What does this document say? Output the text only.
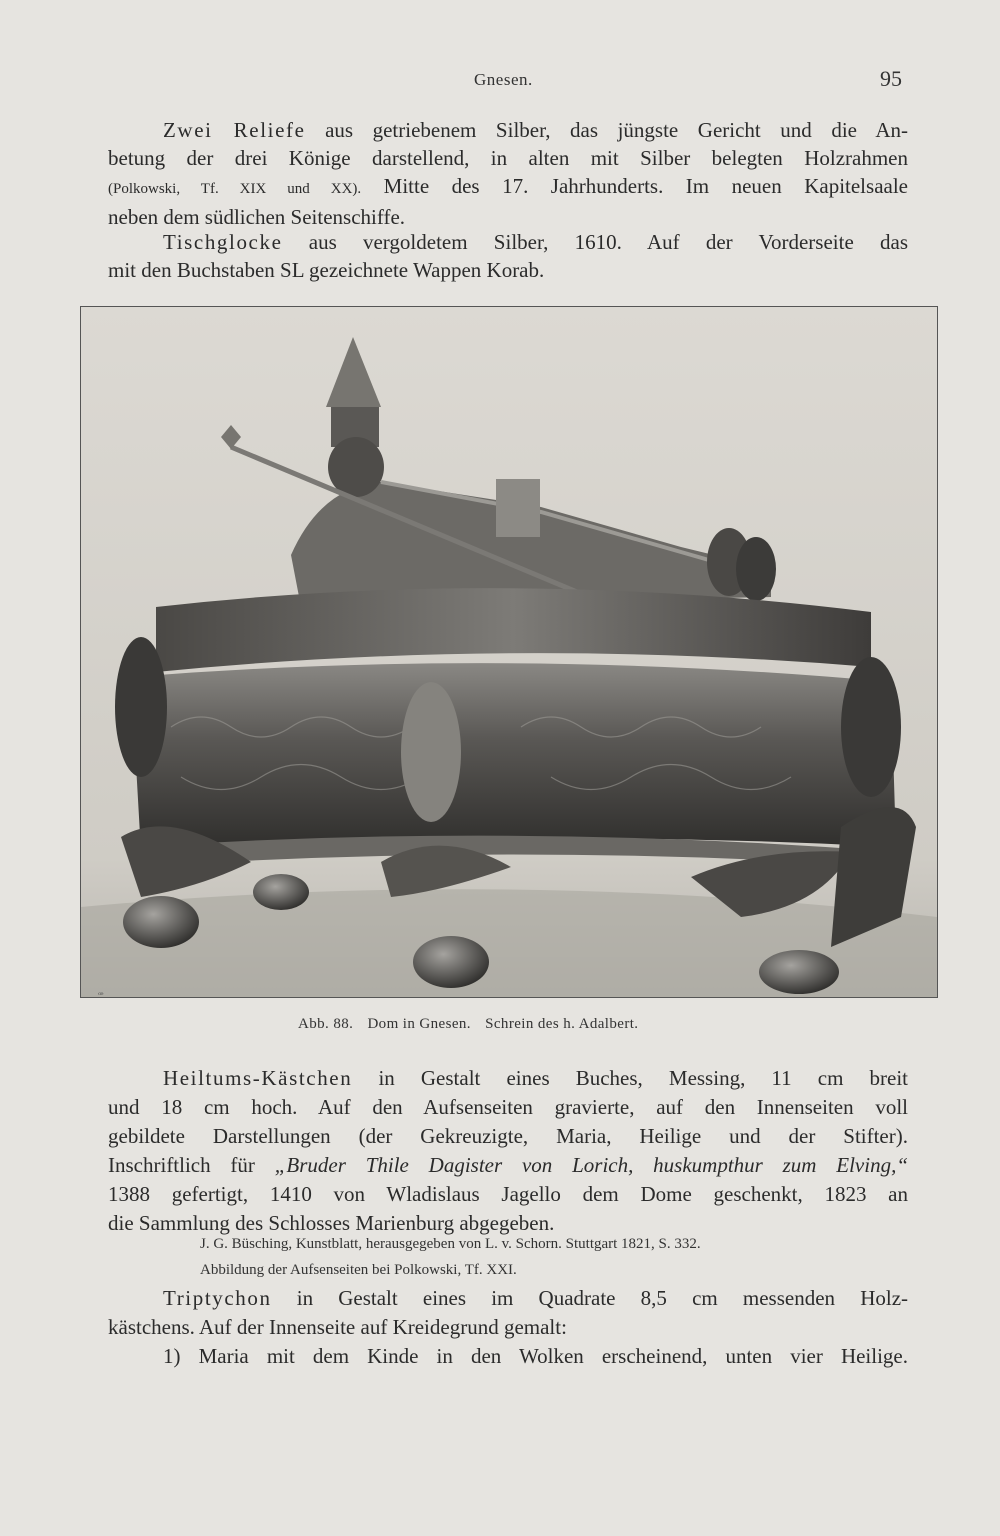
Gnesen.	95
Zwei Reliefe aus getriebenem Silber, das jüngste Gericht und die An-
betung der drei Könige darstellend, in alten mit Silber belegten Holzrahmen
(Polkowski, Tf. XIX und XX). Mitte des 17. Jahrhunderts. Im neuen Kapitelsaale
neben dem südlichen Seitenschiffe.
Tischglocke aus vergoldetem Silber, 1610. Auf der Vorderseite das
mit den Buchstaben SL gezeichnete Wappen Korab.
ꟹ
Abb. 88. Dom in Gnesen. Schrein des h. Adalbert.
Heiltums-Kästchen in Gestalt eines Buches, Messing, 11 cm breit
und 18 cm hoch. Auf den Aufsenseiten gravierte, auf den Innenseiten voll
gebildete Darstellungen (der Gekreuzigte, Maria, Heilige und der Stifter).
Inschriftlich für „Bruder Thile Dagister von Lorich, huskumpthur zum Elving,“
1388 gefertigt, 1410 von Wladislaus Jagello dem Dome geschenkt, 1823 an
die Sammlung des Schlosses Marienburg abgegeben.
J. G. Büsching, Kunstblatt, herausgegeben von L. v. Schorn. Stuttgart 1821, S. 332.
Abbildung der Aufsenseiten bei Polkowski, Tf. XXI.
Triptychon in Gestalt eines im Quadrate 8,5 cm messenden Holz-
kästchens. Auf der Innenseite auf Kreidegrund gemalt:
1) Maria mit dem Kinde in den Wolken erscheinend, unten vier Heilige.
